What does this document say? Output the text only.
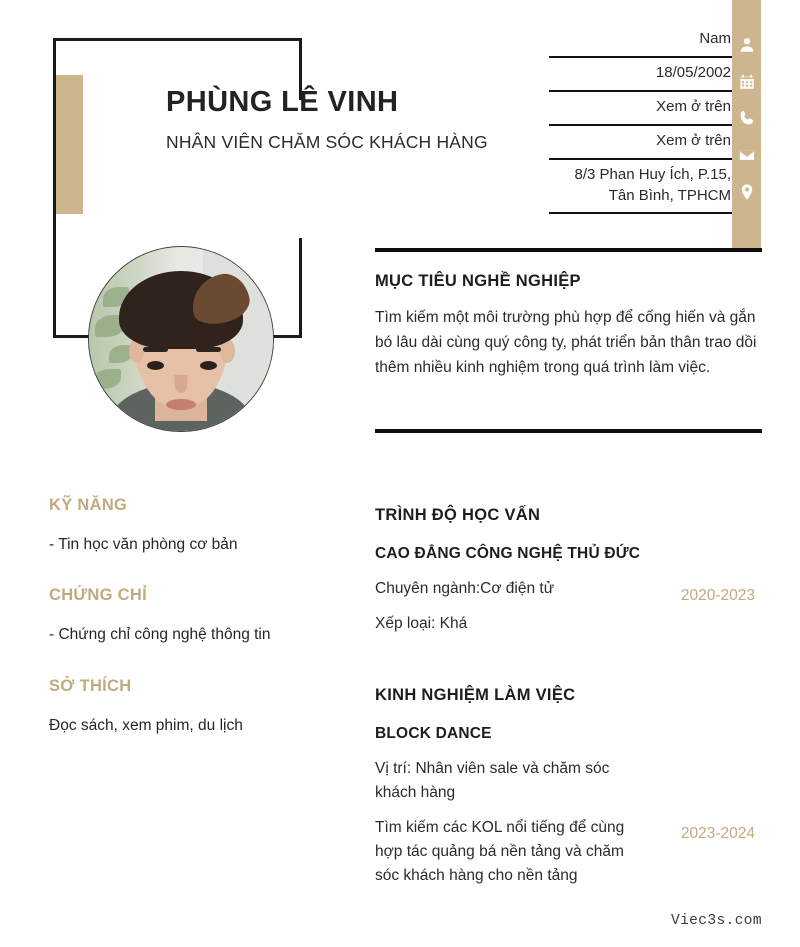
PHÙNG LÊ VINH

NHÂN VIÊN CHĂM SÓC KHÁCH HÀNG

Nam
18/05/2002
Xem ở trên
Xem ở trên
8/3 Phan Huy Ích, P.15, Tân Bình, TPHCM
MỤC TIÊU NGHỀ NGHIỆP

Tìm kiếm một môi trường phù hợp để cống hiến và gắn bó lâu dài cùng quý công ty, phát triển bản thân trao dồi thêm nhiều kinh nghiệm trong quá trình làm việc.

KỸ NĂNG

- Tin học văn phòng cơ bản

CHỨNG CHỈ

- Chứng chỉ công nghệ thông tin

SỞ THÍCH

Đọc sách, xem phim, du lịch

TRÌNH ĐỘ HỌC VẤN
CAO ĐẲNG CÔNG NGHỆ THỦ ĐỨC

Chuyên ngành:Cơ điện tử

Xếp loại: Khá

2020-2023
KINH NGHIỆM LÀM VIỆC
BLOCK DANCE

Vị trí: Nhân viên sale và chăm sóc khách hàng

Tìm kiếm các KOL nổi tiếng để cùng hợp tác quảng bá nền tảng và chăm sóc khách hàng cho nền tảng

2023-2024
Viec3s.com
